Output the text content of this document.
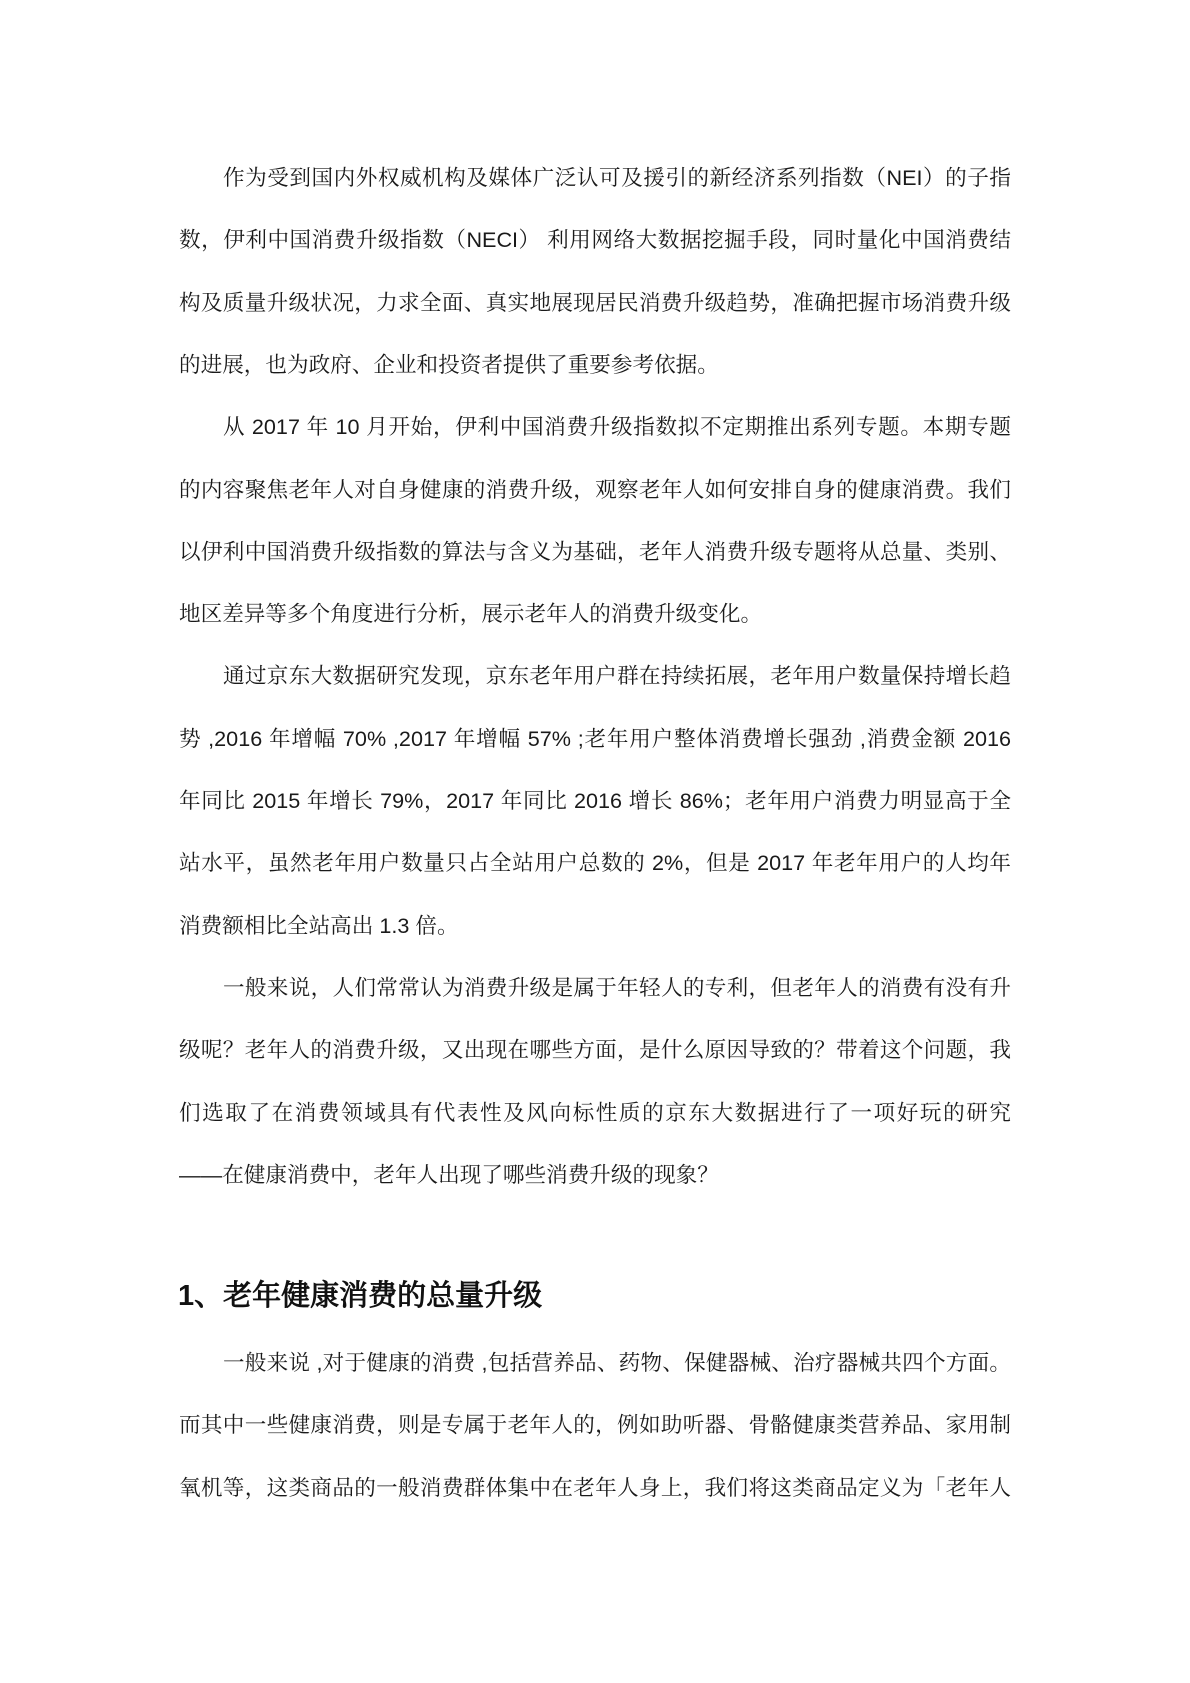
作为受到国内外权威机构及媒体广泛认可及援引的新经济系列指数（NEI）的子指
数，伊利中国消费升级指数（NECI） 利用网络大数据挖掘手段，同时量化中国消费结
构及质量升级状况，力求全面、真实地展现居民消费升级趋势，准确把握市场消费升级
的进展，也为政府、企业和投资者提供了重要参考依据。
从 2017 年 10 月开始，伊利中国消费升级指数拟不定期推出系列专题。本期专题
的内容聚焦老年人对自身健康的消费升级，观察老年人如何安排自身的健康消费。我们
以伊利中国消费升级指数的算法与含义为基础，老年人消费升级专题将从总量、类别、
地区差异等多个角度进行分析，展示老年人的消费升级变化。
通过京东大数据研究发现，京东老年用户群在持续拓展，老年用户数量保持增长趋
势 ,2016 年增幅 70% ,2017 年增幅 57% ;老年用户整体消费增长强劲 ,消费金额 2016
年同比 2015 年增长 79%，2017 年同比 2016 增长 86%；老年用户消费力明显高于全
站水平，虽然老年用户数量只占全站用户总数的 2%，但是 2017 年老年用户的人均年
消费额相比全站高出 1.3 倍。
一般来说，人们常常认为消费升级是属于年轻人的专利，但老年人的消费有没有升
级呢？老年人的消费升级，又出现在哪些方面，是什么原因导致的？带着这个问题，我
们选取了在消费领域具有代表性及风向标性质的京东大数据进行了一项好玩的研究
——在健康消费中，老年人出现了哪些消费升级的现象？
1、老年健康消费的总量升级
一般来说 ,对于健康的消费 ,包括营养品、药物、保健器械、治疗器械共四个方面。
而其中一些健康消费，则是专属于老年人的，例如助听器、骨骼健康类营养品、家用制
氧机等，这类商品的一般消费群体集中在老年人身上，我们将这类商品定义为「老年人
